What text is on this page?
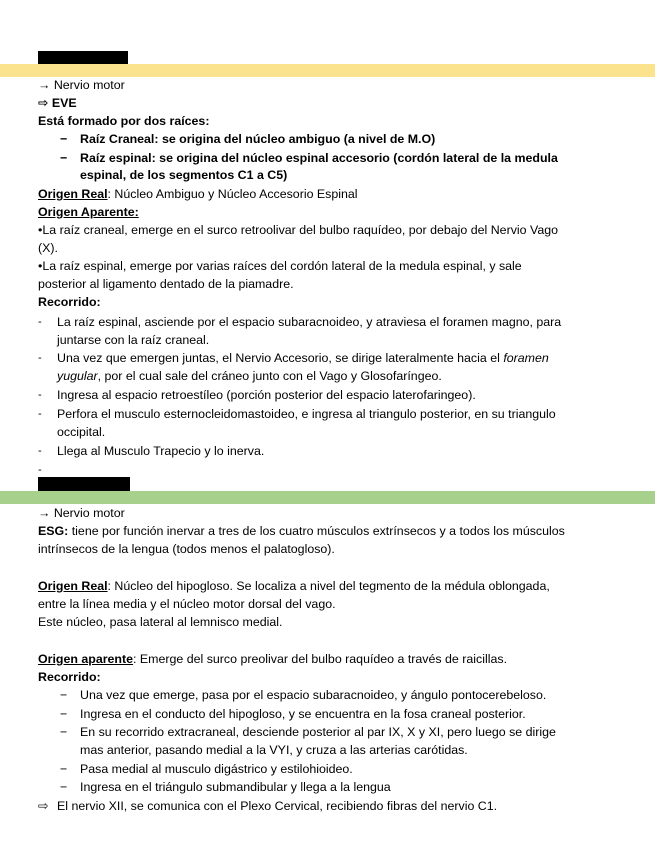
→ Nervio motor
⇨ EVE
Está formado por dos raíces:
− Raíz Craneal: se origina del núcleo ambiguo (a nivel de M.O)
− Raíz espinal: se origina del núcleo espinal accesorio (cordón lateral de la medula
espinal, de los segmentos C1 a C5)
Origen Real: Núcleo Ambiguo y Núcleo Accesorio Espinal
Origen Aparente:
•La raíz craneal, emerge en el surco retroolivar del bulbo raquídeo, por debajo del Nervio Vago
(X).
•La raíz espinal, emerge por varias raíces del cordón lateral de la medula espinal, y sale
posterior al ligamento dentado de la piamadre.
Recorrido:
- La raíz espinal, asciende por el espacio subaracnoideo, y atraviesa el foramen magno, para
juntarse con la raíz craneal.
- Una vez que emergen juntas, el Nervio Accesorio, se dirige lateralmente hacia el foramen
yugular, por el cual sale del cráneo junto con el Vago y Glosofaríngeo.
- Ingresa al espacio retroestíleo (porción posterior del espacio laterofaringeo).
- Perfora el musculo esternocleidomastoideo, e ingresa al triangulo posterior, en su triangulo
occipital.
- Llega al Musculo Trapecio y lo inerva.
-
→ Nervio motor
ESG: tiene por función inervar a tres de los cuatro músculos extrínsecos y a todos los músculos
intrínsecos de la lengua (todos menos el palatogloso).
Origen Real: Núcleo del hipogloso. Se localiza a nivel del tegmento de la médula oblongada,
entre la línea media y el núcleo motor dorsal del vago.
Este núcleo, pasa lateral al lemnisco medial.
Origen aparente: Emerge del surco preolivar del bulbo raquídeo a través de raicillas.
Recorrido:
− Una vez que emerge, pasa por el espacio subaracnoideo, y ángulo pontocerebeloso.
− Ingresa en el conducto del hipogloso, y se encuentra en la fosa craneal posterior.
− En su recorrido extracraneal, desciende posterior al par IX, X y XI, pero luego se dirige
mas anterior, pasando medial a la VYI, y cruza a las arterias carótidas.
− Pasa medial al musculo digástrico y estilohioideo.
− Ingresa en el triángulo submandibular y llega a la lengua
⇨ El nervio XII, se comunica con el Plexo Cervical, recibiendo fibras del nervio C1.
